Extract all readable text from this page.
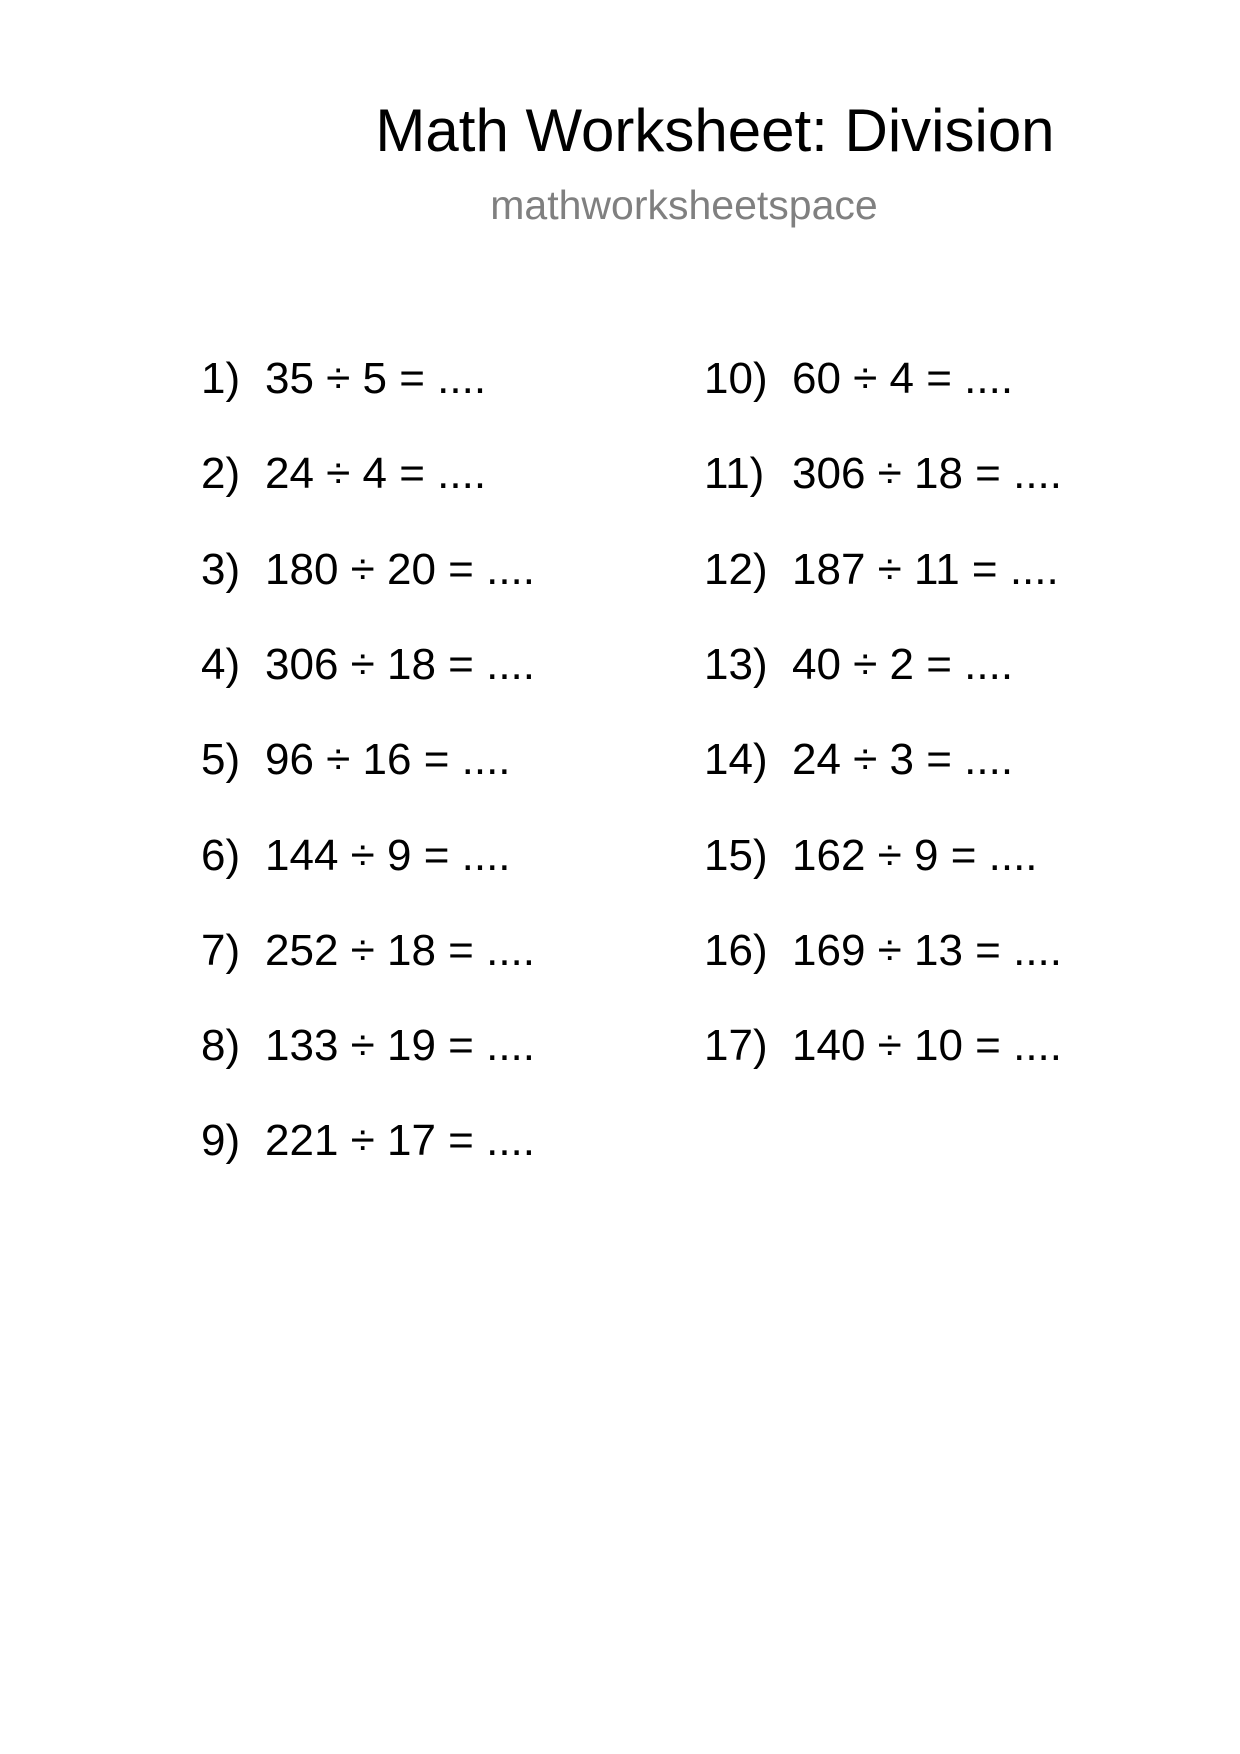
Math Worksheet: Division
mathworksheetspace
1) 35 ÷ 5 = ....
2) 24 ÷ 4 = ....
3) 180 ÷ 20 = ....
4) 306 ÷ 18 = ....
5) 96 ÷ 16 = ....
6) 144 ÷ 9 = ....
7) 252 ÷ 18 = ....
8) 133 ÷ 19 = ....
9) 221 ÷ 17 = ....
10) 60 ÷ 4 = ....
11) 306 ÷ 18 = ....
12) 187 ÷ 11 = ....
13) 40 ÷ 2 = ....
14) 24 ÷ 3 = ....
15) 162 ÷ 9 = ....
16) 169 ÷ 13 = ....
17) 140 ÷ 10 = ....
